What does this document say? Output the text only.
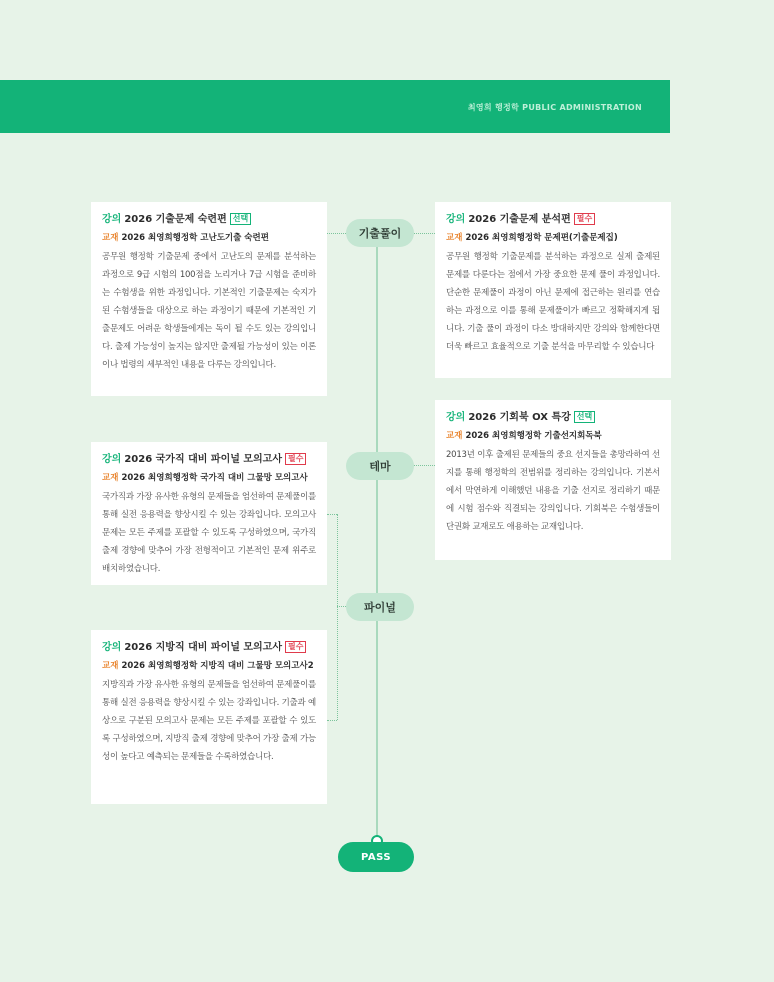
최영희 행정학 PUBLIC ADMINISTRATION
기출풀이
테마
파이널
PASS
강의 2026 기출문제 숙련편 선택
교재 2026 최영희행정학 고난도기출 숙련편
공무원 행정학 기출문제 중에서 고난도의 문제를 분석하는 과정으로 9급 시험의 100점을 노리거나 7급 시험을 준비하는 수험생을 위한 과정입니다. 기본적인 기출문제는 숙지가 된 수험생들을 대상으로 하는 과정이기 때문에 기본적인 기출문제도 어려운 학생들에게는 독이 될 수도 있는 강의입니다. 출제 가능성이 높지는 않지만 출제될 가능성이 있는 이론이나 법령의 세부적인 내용을 다루는 강의입니다.
강의 2026 기출문제 분석편 필수
교재 2026 최영희행정학 문제편(기출문제집)
공무원 행정학 기출문제를 분석하는 과정으로 실제 출제된 문제를 다룬다는 점에서 가장 중요한 문제 풀이 과정입니다. 단순한 문제풀이 과정이 아닌 문제에 접근하는 원리를 연습하는 과정으로 이를 통해 문제풀이가 빠르고 정확해지게 됩니다. 기출 풀이 과정이 다소 방대하지만 강의와 함께한다면 더욱 빠르고 효율적으로 기출 분석을 마무리할 수 있습니다
강의 2026 기회북 OX 특강 선택
교재 2026 최영희행정학 기출선지회독북
2013년 이후 출제된 문제들의 중요 선지들을 총망라하여 선지를 통해 행정학의 전범위를 정리하는 강의입니다. 기본서에서 막연하게 이해했던 내용을 기출 선지로 정리하기 때문에 시험 점수와 직결되는 강의입니다. 기회북은 수험생들이 단권화 교재로도 애용하는 교재입니다.
강의 2026 국가직 대비 파이널 모의고사 필수
교재 2026 최영희행정학 국가직 대비 그물망 모의고사
국가직과 가장 유사한 유형의 문제들을 엄선하여 문제풀이를 통해 실전 응용력을 향상시킬 수 있는 강좌입니다. 모의고사 문제는 모든 주제를 포괄할 수 있도록 구성하였으며, 국가직 출제 경향에 맞추어 가장 전형적이고 기본적인 문제 위주로 배치하였습니다.
강의 2026 지방직 대비 파이널 모의고사 필수
교재 2026 최영희행정학 지방직 대비 그물망 모의고사2
지방직과 가장 유사한 유형의 문제들을 엄선하여 문제풀이를 통해 실전 응용력을 향상시킬 수 있는 강좌입니다. 기출과 예상으로 구분된 모의고사 문제는 모든 주제를 포괄할 수 있도록 구성하였으며, 지방직 출제 경향에 맞추어 가장 출제 가능성이 높다고 예측되는 문제들을 수록하였습니다.
